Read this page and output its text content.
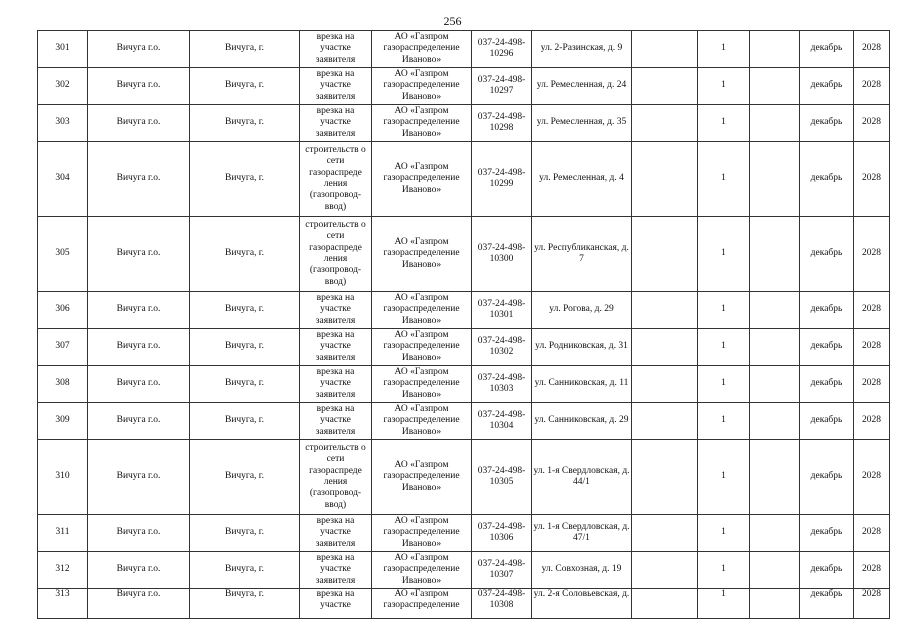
256
301	Вичуга г.о.	Вичуга, г.	врезка на участке заявителя	АО «Газпром газораспределение Иваново»	037-24-498-10296	ул. 2-Разинская, д. 9		1		декабрь	2028
302	Вичуга г.о.	Вичуга, г.	врезка на участке заявителя	АО «Газпром газораспределение Иваново»	037-24-498-10297	ул. Ремесленная, д. 24		1		декабрь	2028
303	Вичуга г.о.	Вичуга, г.	врезка на участке заявителя	АО «Газпром газораспределение Иваново»	037-24-498-10298	ул. Ремесленная, д. 35		1		декабрь	2028
304	Вичуга г.о.	Вичуга, г.	строительств о сети газораспреде ления (газопровод-ввод)	АО «Газпром газораспределение Иваново»	037-24-498-10299	ул. Ремесленная, д. 4		1		декабрь	2028
305	Вичуга г.о.	Вичуга, г.	строительств о сети газораспреде ления (газопровод-ввод)	АО «Газпром газораспределение Иваново»	037-24-498-10300	ул. Республиканская, д. 7		1		декабрь	2028
306	Вичуга г.о.	Вичуга, г.	врезка на участке заявителя	АО «Газпром газораспределение Иваново»	037-24-498-10301	ул. Рогова, д. 29		1		декабрь	2028
307	Вичуга г.о.	Вичуга, г.	врезка на участке заявителя	АО «Газпром газораспределение Иваново»	037-24-498-10302	ул. Родниковская, д. 31		1		декабрь	2028
308	Вичуга г.о.	Вичуга, г.	врезка на участке заявителя	АО «Газпром газораспределение Иваново»	037-24-498-10303	ул. Санниковская, д. 11		1		декабрь	2028
309	Вичуга г.о.	Вичуга, г.	врезка на участке заявителя	АО «Газпром газораспределение Иваново»	037-24-498-10304	ул. Санниковская, д. 29		1		декабрь	2028
310	Вичуга г.о.	Вичуга, г.	строительств о сети газораспреде ления (газопровод-ввод)	АО «Газпром газораспределение Иваново»	037-24-498-10305	ул. 1-я Свердловская, д. 44/1		1		декабрь	2028
311	Вичуга г.о.	Вичуга, г.	врезка на участке заявителя	АО «Газпром газораспределение Иваново»	037-24-498-10306	ул. 1-я Свердловская, д. 47/1		1		декабрь	2028
312	Вичуга г.о.	Вичуга, г.	врезка на участке заявителя	АО «Газпром газораспределение Иваново»	037-24-498-10307	ул. Совхозная, д. 19		1		декабрь	2028
313	Вичуга г.о.	Вичуга, г.	врезка на участке	АО «Газпром газораспределение	037-24-498-10308	ул. 2-я Соловьевская, д.		1		декабрь	2028
